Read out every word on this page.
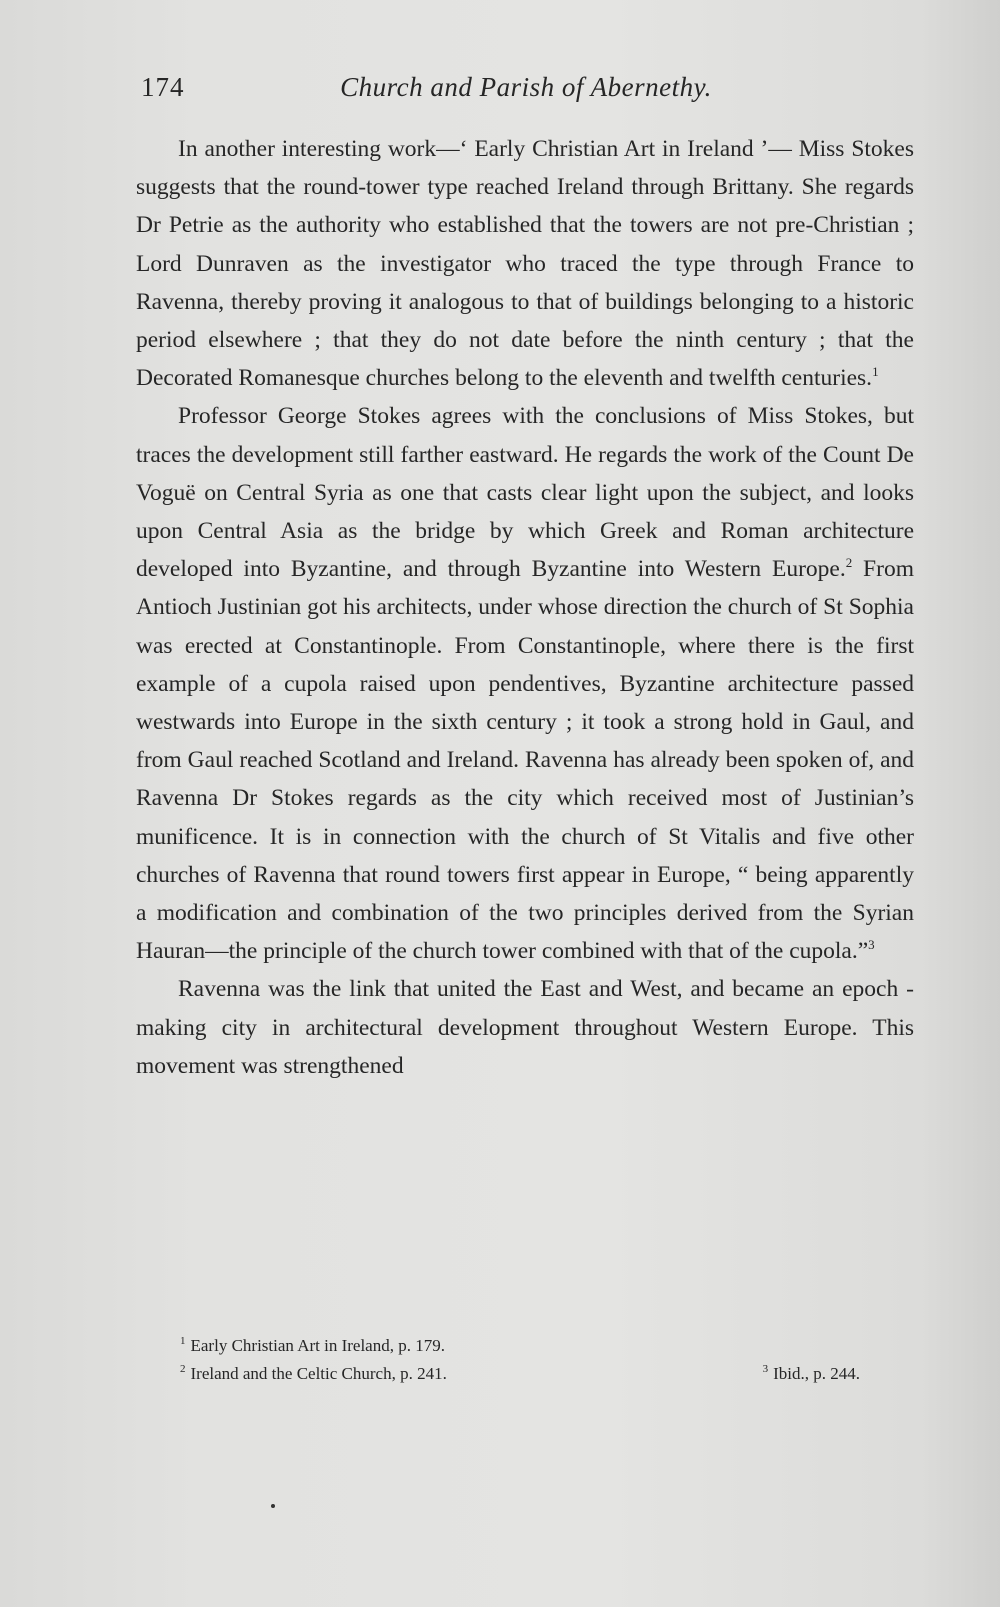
174	Church and Parish of Abernethy.

In another interesting work—‘ Early Christian Art in Ireland ’— Miss Stokes suggests that the round-tower type reached Ireland through Brittany. She regards Dr Petrie as the authority who established that the towers are not pre-Christian ; Lord Dunraven as the investigator who traced the type through France to Ravenna, thereby proving it analogous to that of buildings belonging to a historic period elsewhere ; that they do not date before the ninth century ; that the Decorated Romanesque churches belong to the eleventh and twelfth centuries.$^1$

Professor George Stokes agrees with the conclusions of Miss Stokes, but traces the development still farther eastward. He regards the work of the Count De Voguë on Central Syria as one that casts clear light upon the subject, and looks upon Central Asia as the bridge by which Greek and Roman architecture developed into Byzantine, and through Byzantine into Western Europe.$^2$ From Antioch Justinian got his architects, under whose direction the church of St Sophia was erected at Constantinople. From Constantinople, where there is the first example of a cupola raised upon pendentives, Byzantine architecture passed westwards into Europe in the sixth century ; it took a strong hold in Gaul, and from Gaul reached Scotland and Ireland. Ravenna has already been spoken of, and Ravenna Dr Stokes regards as the city which received most of Justinian’s munificence. It is in connection with the church of St Vitalis and five other churches of Ravenna that round towers first appear in Europe, “ being apparently a modification and combination of the two principles derived from the Syrian Hauran—the principle of the church tower combined with that of the cupola.”$^3$

Ravenna was the link that united the East and West, and became an epoch - making city in architectural development throughout Western Europe. This movement was strengthened

$^1$ Early Christian Art in Ireland, p. 179.
$^2$ Ireland and the Celtic Church, p. 241.	$^3$ Ibid., p. 244.
